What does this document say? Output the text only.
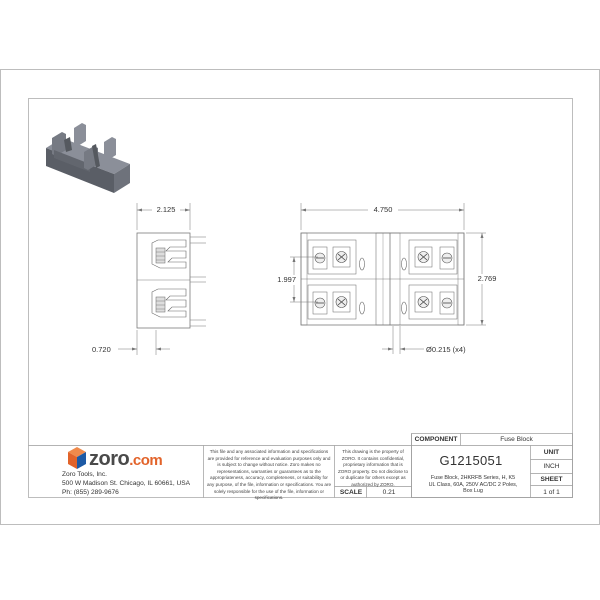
2.125
0.720
4.750
1.997	2.769
Ø0.215 (x4)
zoro.com
Zoro Tools, Inc.
500 W Madison St. Chicago, IL 60661, USA
Ph: (855) 289-9676
This file and any associated information and specifications are provided for reference and evaluation purposes only and is subject to change without notice. Zoro makes no representations, warranties or guarantees as to the appropriateness, accuracy, completeness, or suitability for any purpose, of the file, information or specifications. You are solely responsible for the use of the file, information or specifications.
This drawing is the property of ZORO. It contains confidential, proprietary information that is ZORO property. Do not disclose to or duplicate for others except as authorized by ZORO.
SCALE	0.21
COMPONENT	Fuse Block
G1215051
Fuse Block, 2HKRFB Series, H, K5 UL Class, 60A, 250V AC/DC 2 Poles, Box Lug
UNIT
INCH
SHEET
1 of 1
